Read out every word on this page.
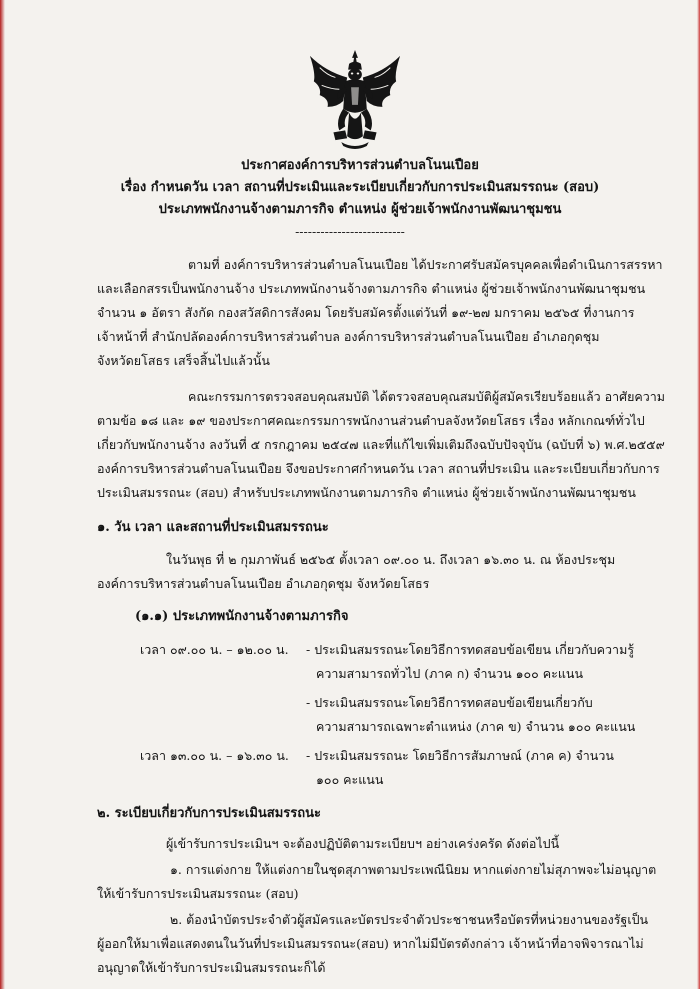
ประกาศองค์การบริหารส่วนตำบลโนนเปือย
เรื่อง กำหนดวัน เวลา สถานที่ประเมินและระเบียบเกี่ยวกับการประเมินสมรรถนะ (สอบ)
ประเภทพนักงานจ้างตามภารกิจ ตำแหน่ง ผู้ช่วยเจ้าพนักงานพัฒนาชุมชน
--------------------------
ตามที่ องค์การบริหารส่วนตำบลโนนเปือย ได้ประกาศรับสมัครบุคคลเพื่อดำเนินการสรรหา
และเลือกสรรเป็นพนักงานจ้าง ประเภทพนักงานจ้างตามภารกิจ ตำแหน่ง ผู้ช่วยเจ้าพนักงานพัฒนาชุมชน
จำนวน ๑ อัตรา สังกัด กองสวัสดิการสังคม โดยรับสมัครตั้งแต่วันที่ ๑๙-๒๗ มกราคม ๒๕๖๕ ที่งานการ
เจ้าหน้าที่ สำนักปลัดองค์การบริหารส่วนตำบล องค์การบริหารส่วนตำบลโนนเปือย อำเภอกุดชุม
จังหวัดยโสธร เสร็จสิ้นไปแล้วนั้น
คณะกรรมการตรวจสอบคุณสมบัติ ได้ตรวจสอบคุณสมบัติผู้สมัครเรียบร้อยแล้ว อาศัยความ
ตามข้อ ๑๘ และ ๑๙ ของประกาศคณะกรรมการพนักงานส่วนตำบลจังหวัดยโสธร เรื่อง หลักเกณฑ์ทั่วไป
เกี่ยวกับพนักงานจ้าง ลงวันที่ ๕ กรกฎาคม ๒๕๔๗ และที่แก้ไขเพิ่มเติมถึงฉบับปัจจุบัน (ฉบับที่ ๖) พ.ศ.๒๕๕๙
องค์การบริหารส่วนตำบลโนนเปือย จึงขอประกาศกำหนดวัน เวลา สถานที่ประเมิน และระเบียบเกี่ยวกับการ
ประเมินสมรรถนะ (สอบ) สำหรับประเภทพนักงานตามภารกิจ ตำแหน่ง ผู้ช่วยเจ้าพนักงานพัฒนาชุมชน
๑. วัน เวลา และสถานที่ประเมินสมรรถนะ
ในวันพุธ ที่ ๒ กุมภาพันธ์ ๒๕๖๕ ตั้งเวลา ๐๙.๐๐ น. ถึงเวลา ๑๖.๓๐ น. ณ ห้องประชุม
องค์การบริหารส่วนตำบลโนนเปือย อำเภอกุดชุม จังหวัดยโสธร
(๑.๑) ประเภทพนักงานจ้างตามภารกิจ
เวลา ๐๙.๐๐ น. – ๑๒.๐๐ น. - ประเมินสมรรถนะโดยวิธีการทดสอบข้อเขียน เกี่ยวกับความรู้
ความสามารถทั่วไป (ภาค ก) จำนวน ๑๐๐ คะแนน
- ประเมินสมรรถนะโดยวิธีการทดสอบข้อเขียนเกี่ยวกับ
ความสามารถเฉพาะตำแหน่ง (ภาค ข) จำนวน ๑๐๐ คะแนน
เวลา ๑๓.๐๐ น. – ๑๖.๓๐ น. - ประเมินสมรรถนะ โดยวิธีการสัมภาษณ์ (ภาค ค) จำนวน
๑๐๐ คะแนน
๒. ระเบียบเกี่ยวกับการประเมินสมรรถนะ
ผู้เข้ารับการประเมินฯ จะต้องปฏิบัติตามระเบียบฯ อย่างเคร่งครัด ดังต่อไปนี้
๑. การแต่งกาย ให้แต่งกายในชุดสุภาพตามประเพณีนิยม หากแต่งกายไม่สุภาพจะไม่อนุญาต
ให้เข้ารับการประเมินสมรรถนะ (สอบ)
๒. ต้องนำบัตรประจำตัวผู้สมัครและบัตรประจำตัวประชาชนหรือบัตรที่หน่วยงานของรัฐเป็น
ผู้ออกให้มาเพื่อแสดงตนในวันที่ประเมินสมรรถนะ(สอบ) หากไม่มีบัตรดังกล่าว เจ้าหน้าที่อาจพิจารณาไม่
อนุญาตให้เข้ารับการประเมินสมรรถนะก็ได้
